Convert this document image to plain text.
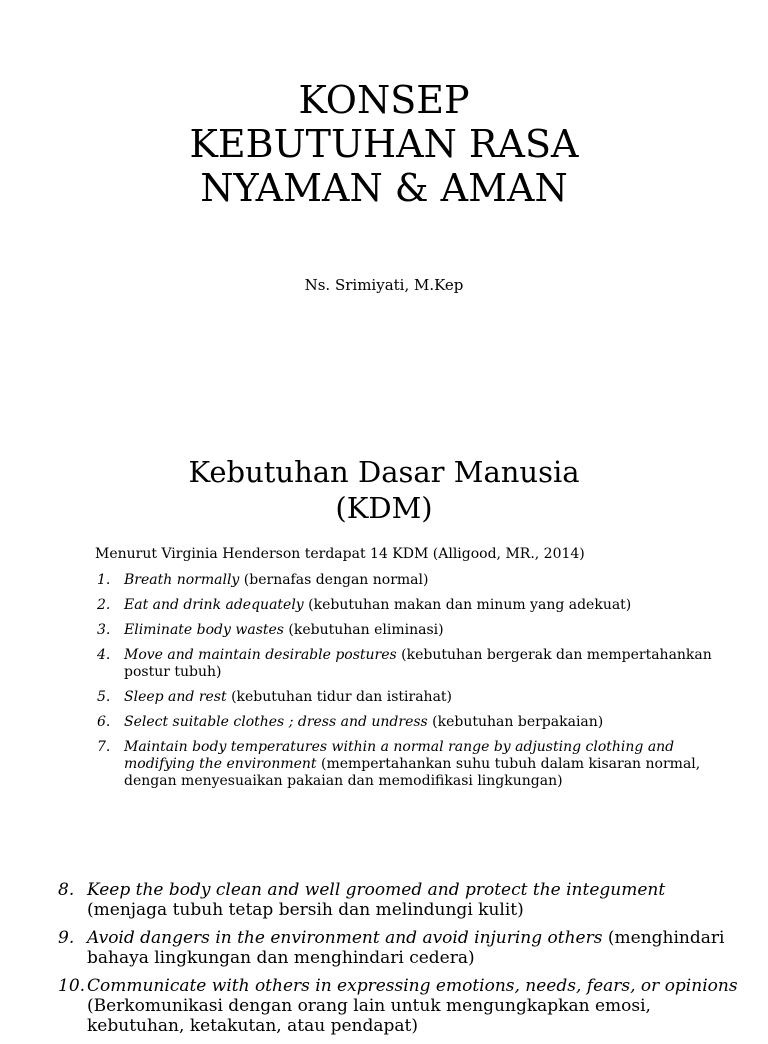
KONSEP
KEBUTUHAN RASA
NYAMAN & AMAN
Ns. Srimiyati, M.Kep
Kebutuhan Dasar Manusia
(KDM)
Menurut Virginia Henderson terdapat 14 KDM (Alligood, MR., 2014)
1. Breath normally (bernafas dengan normal)
2. Eat and drink adequately (kebutuhan makan dan minum yang adekuat)
3. Eliminate body wastes (kebutuhan eliminasi)
4. Move and maintain desirable postures (kebutuhan bergerak dan mempertahankan postur tubuh)
5. Sleep and rest (kebutuhan tidur dan istirahat)
6. Select suitable clothes ; dress and undress (kebutuhan berpakaian)
7. Maintain body temperatures within a normal range by adjusting clothing and modifying the environment (mempertahankan suhu tubuh dalam kisaran normal, dengan menyesuaikan pakaian dan memodifikasi lingkungan)
8. Keep the body clean and well groomed and protect the integument (menjaga tubuh tetap bersih dan melindungi kulit)
9. Avoid dangers in the environment and avoid injuring others (menghindari bahaya lingkungan dan menghindari cedera)
10. Communicate with others in expressing emotions, needs, fears, or opinions (Berkomunikasi dengan orang lain untuk mengungkapkan emosi, kebutuhan, ketakutan, atau pendapat)
